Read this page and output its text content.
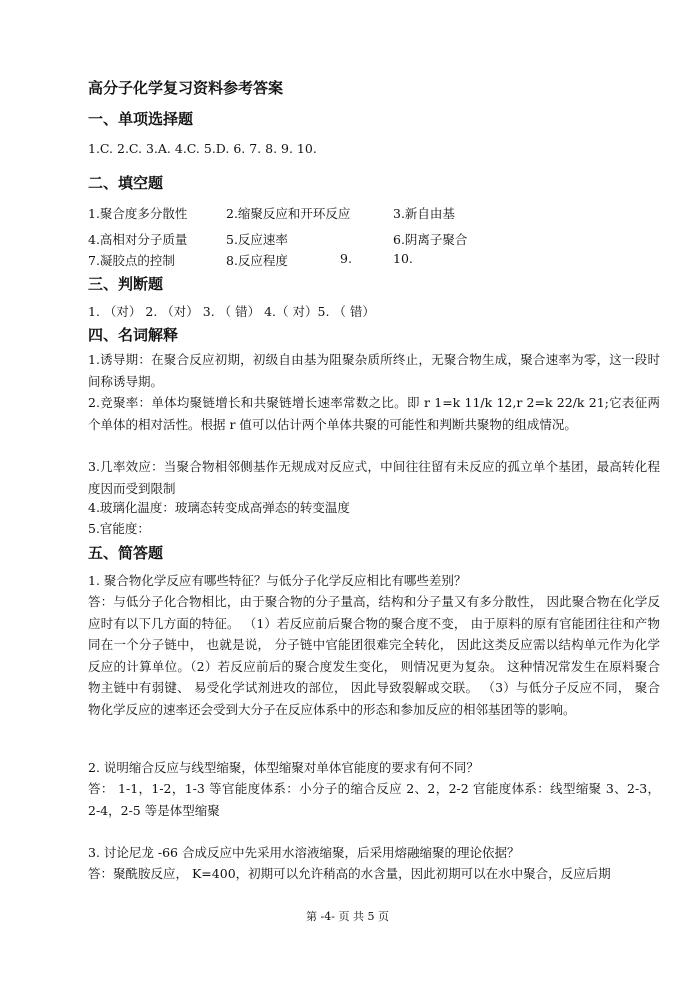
高分子化学复习资料参考答案
一、单项选择题
1.C. 2.C. 3.A. 4.C. 5.D. 6. 7. 8. 9. 10.
二、填空题
1.聚合度多分散性	2.缩聚反应和开环反应	3.新自由基
4.高相对分子质量	5.反应速率	6.阴离子聚合
7.凝胶点的控制	8.反应程度	9.	10.
三、判断题
1. （对） 2. （对） 3. （ 错） 4.（ 对）5. （ 错）
四、名词解释
1.诱导期：在聚合反应初期，初级自由基为阻聚杂质所终止，无聚合物生成，聚合速率为零，这一段时间称诱导期。
2.竞聚率：单体均聚链增长和共聚链增长速率常数之比。即 r 1=k 11/k 12,r 2=k 22/k 21;它表征两个单体的相对活性。根据 r 值可以估计两个单体共聚的可能性和判断共聚物的组成情况。
3.几率效应：当聚合物相邻侧基作无规成对反应式，中间往往留有未反应的孤立单个基团，最高转化程度因而受到限制
4.玻璃化温度：玻璃态转变成高弹态的转变温度
5.官能度：
五、简答题
1. 聚合物化学反应有哪些特征？与低分子化学反应相比有哪些差别？
答：与低分子化合物相比，由于聚合物的分子量高，结构和分子量又有多分散性， 因此聚合物在化学反应时有以下几方面的特征。 （1）若反应前后聚合物的聚合度不变， 由于原料的原有官能团往往和产物同在一个分子链中， 也就是说， 分子链中官能团很难完全转化， 因此这类反应需以结构单元作为化学反应的计算单位。（2）若反应前后的聚合度发生变化， 则情况更为复杂。 这种情况常发生在原料聚合物主链中有弱键、 易受化学试剂进攻的部位， 因此导致裂解或交联。 （3）与低分子反应不同， 聚合物化学反应的速率还会受到大分子在反应体系中的形态和参加反应的相邻基团等的影响。
2. 说明缩合反应与线型缩聚，体型缩聚对单体官能度的要求有何不同？
答： 1-1，1-2，1-3 等官能度体系：小分子的缩合反应 2、2，2-2 官能度体系：线型缩聚 3、2-3， 2-4，2-5 等是体型缩聚
3. 讨论尼龙 -66 合成反应中先采用水溶液缩聚，后采用熔融缩聚的理论依据？
答：聚酰胺反应， K=400，初期可以允许稍高的水含量，因此初期可以在水中聚合，反应后期
第 -4- 页 共 5 页
